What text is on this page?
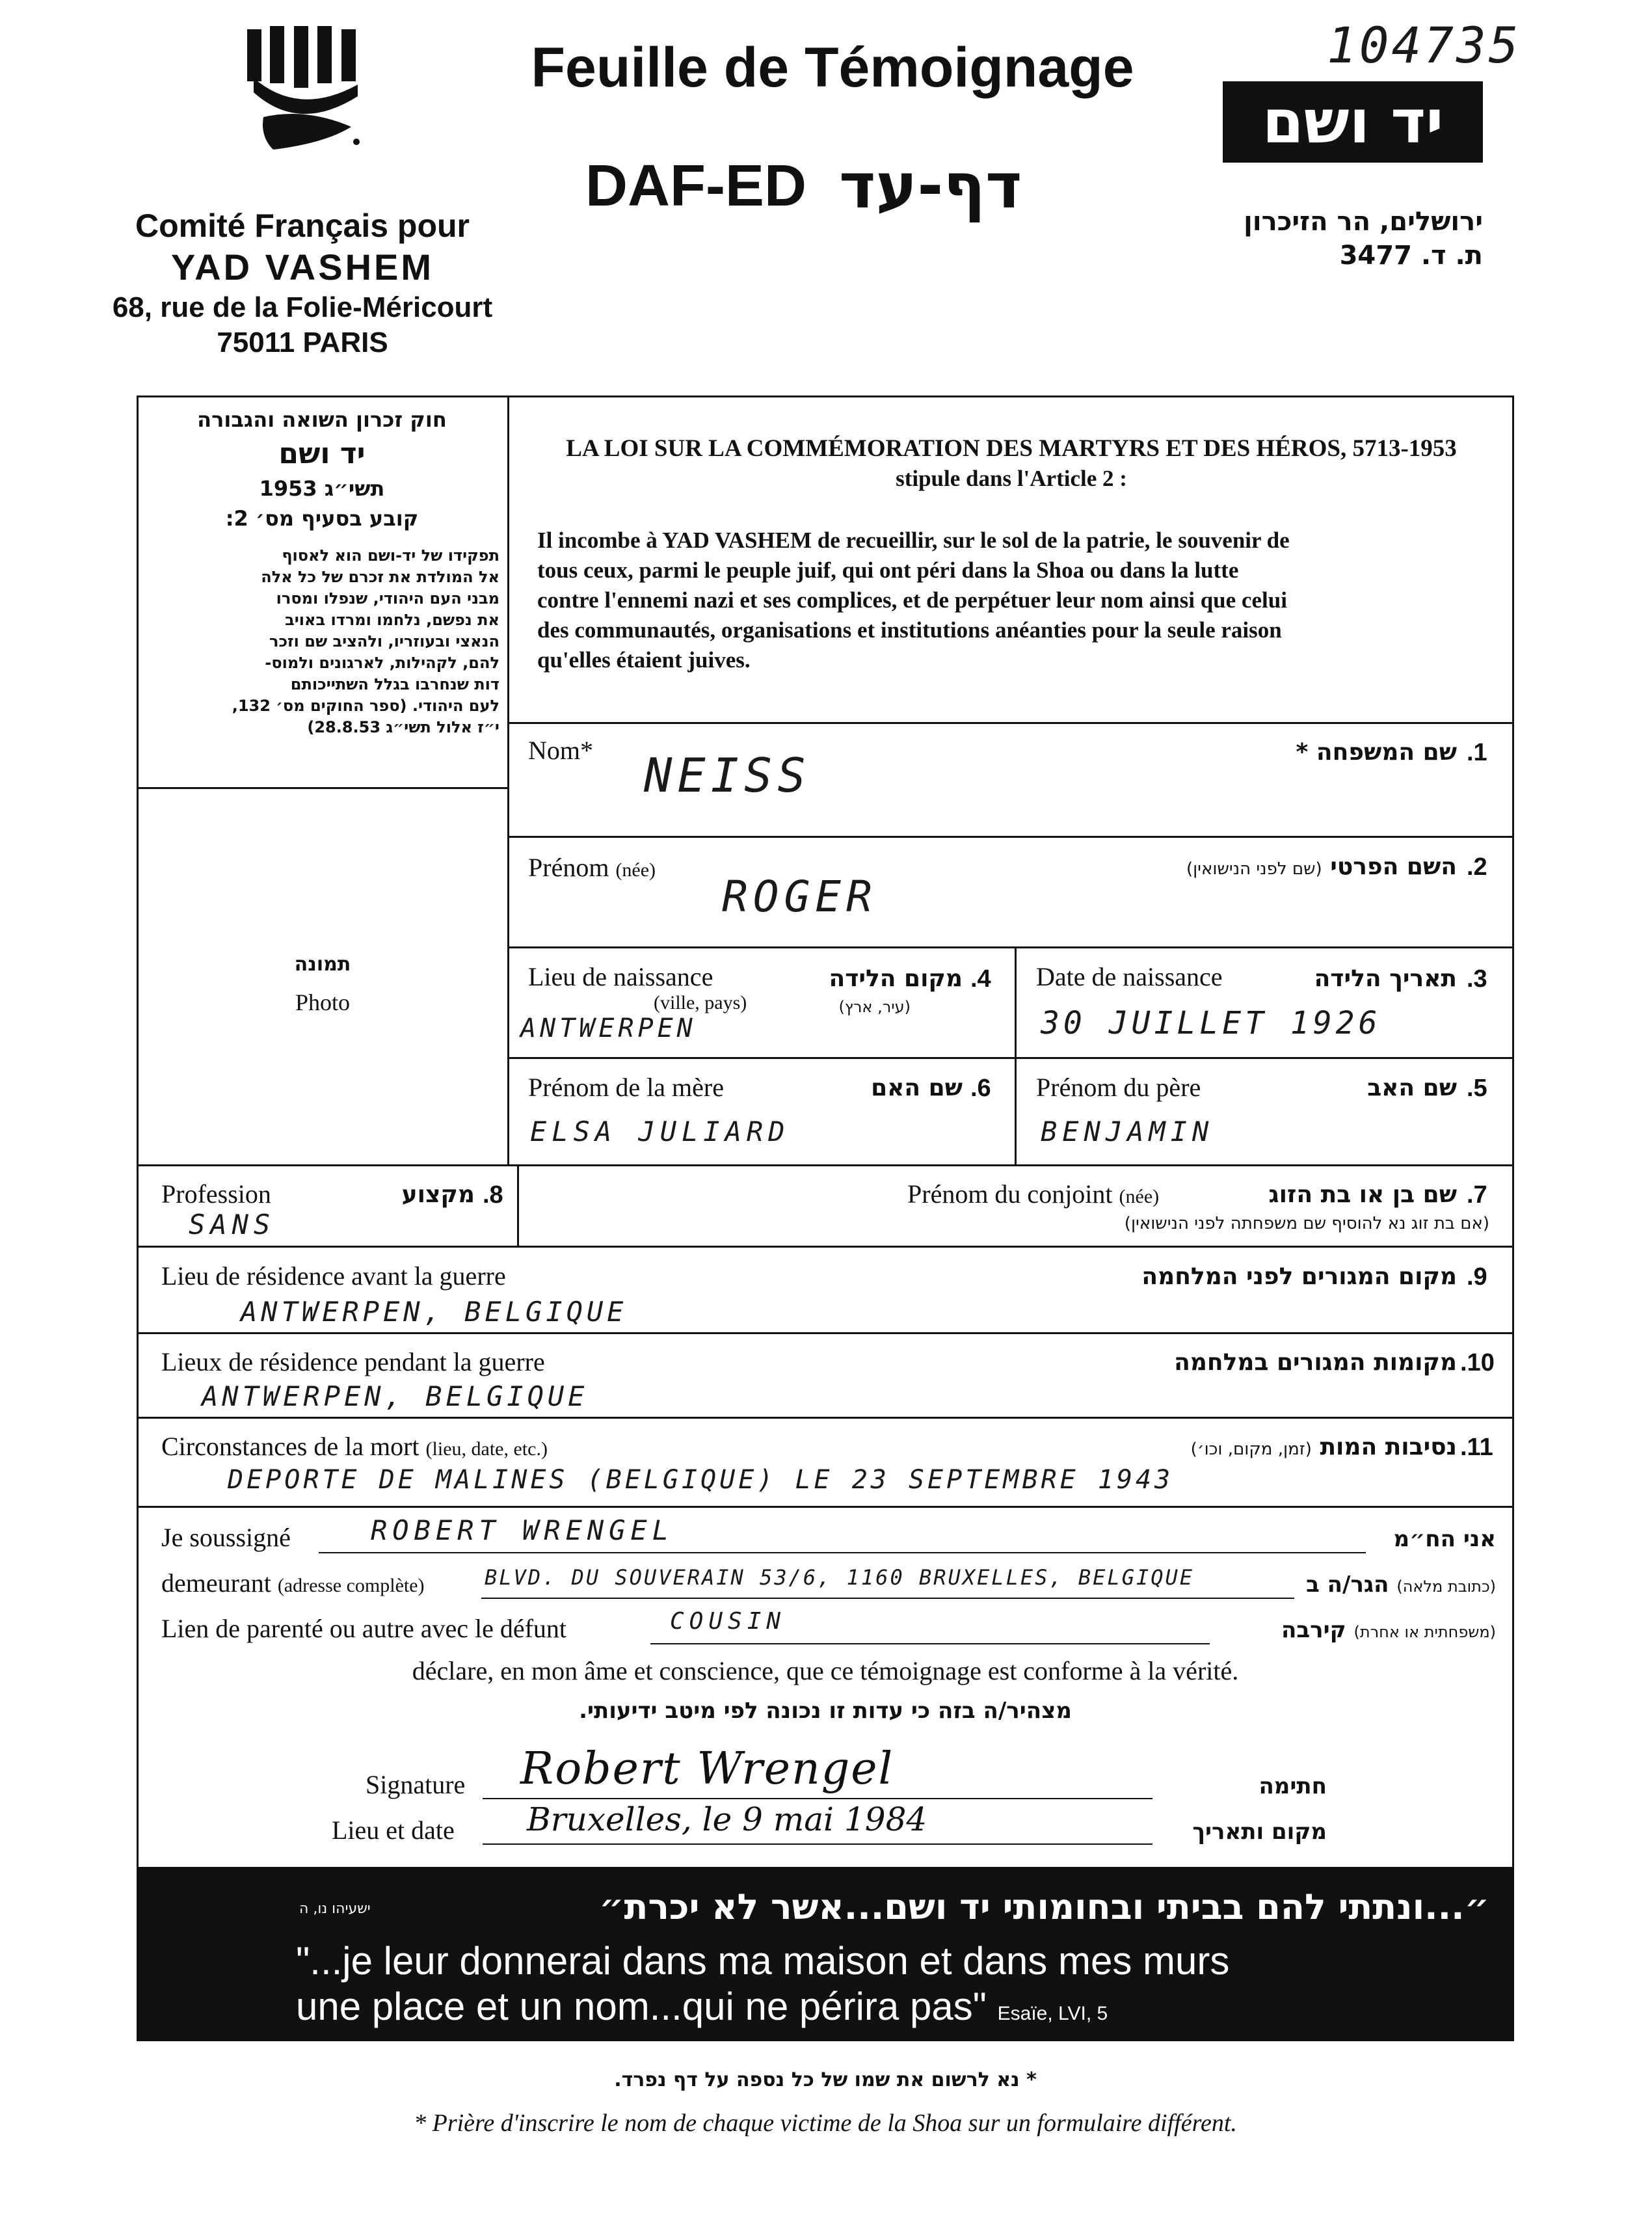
Comité Français pour
YAD VASHEM
68, rue de la Folie-Méricourt
75011 PARIS
Feuille de Témoignage
DAF-ED דף-עד
104735
יד ושם
ירושלים, הר הזיכרון
ת. ד. 3477
חוק זכרון השואה והגבורה
יד ושם
תשי״ג 1953
קובע בסעיף מס׳ 2:
תפקידו של יד-ושם הוא לאסוף
אל המולדת את זכרם של כל אלה
מבני העם היהודי, שנפלו ומסרו
את נפשם, נלחמו ומרדו באויב
הנאצי ובעוזריו, ולהציב שם וזכר
להם, לקהילות, לארגונים ולמוס-
דות שנחרבו בגלל השתייכותם
לעם היהודי. (ספר החוקים מס׳ 132,
י״ז אלול תשי״ג 28.8.53)
LA LOI SUR LA COMMÉMORATION DES MARTYRS ET DES HÉROS, 5713-1953
stipule dans l'Article 2 :
Il incombe à YAD VASHEM de recueillir, sur le sol de la patrie, le souvenir de
tous ceux, parmi le peuple juif, qui ont péri dans la Shoa ou dans la lutte
contre l'ennemi nazi et ses complices, et de perpétuer leur nom ainsi que celui
des communautés, organisations et institutions anéanties pour la seule raison
qu'elles étaient juives.
תמונה
Photo
Nom*	שם המשפחה * .1
NEISS
Prénom (née)	השם הפרטי (שם לפני הנישואין)	.2
ROGER
Lieu de naissance
(ville, pays)
מקום הלידה
(עיר, ארץ)
.4
ANTWERPEN
Date de naissance	תאריך הלידה .3
30 JUILLET 1926
Prénom de la mère	שם האם .6
ELSA JULIARD
Prénom du père	שם האב .5
BENJAMIN
Profession	מקצוע .8
SANS
Prénom du conjoint (née)	שם בן או בת הזוג
(אם בת זוג נא להוסיף שם משפחתה לפני הנישואין)
.7
Lieu de résidence avant la guerre	מקום המגורים לפני המלחמה .9
ANTWERPEN, BELGIQUE
Lieux de résidence pendant la guerre	מקומות המגורים במלחמה .10
ANTWERPEN, BELGIQUE
Circonstances de la mort (lieu, date, etc.)	נסיבות המות (זמן, מקום, וכו׳)	.11
DEPORTE DE MALINES (BELGIQUE) LE 23 SEPTEMBRE 1943
Je soussigné	ROBERT WRENGEL	אני הח״מ
demeurant (adresse complète)	BLVD. DU SOUVERAIN 53/6, 1160 BRUXELLES, BELGIQUE	(כתובת מלאה) הגר/ה ב
Lien de parenté ou autre avec le défunt	COUSIN	(משפחתית או אחרת) קירבה
déclare, en mon âme et conscience, que ce témoignage est conforme à la vérité.
מצהיר/ה בזה כי עדות זו נכונה לפי מיטב ידיעותי.
Signature Robert Wrengel	חתימה
Lieu et date Bruxelles, le 9 mai 1984	מקום ותאריך
ישעיהו נו, ה	״...ונתתי להם בביתי ובחומותי יד ושם...אשר לא יכרת״
"...je leur donnerai dans ma maison et dans mes murs
une place et un nom...qui ne périra pas" Esaïe, LVI, 5
* נא לרשום את שמו של כל נספה על דף נפרד.
* Prière d'inscrire le nom de chaque victime de la Shoa sur un formulaire différent.
